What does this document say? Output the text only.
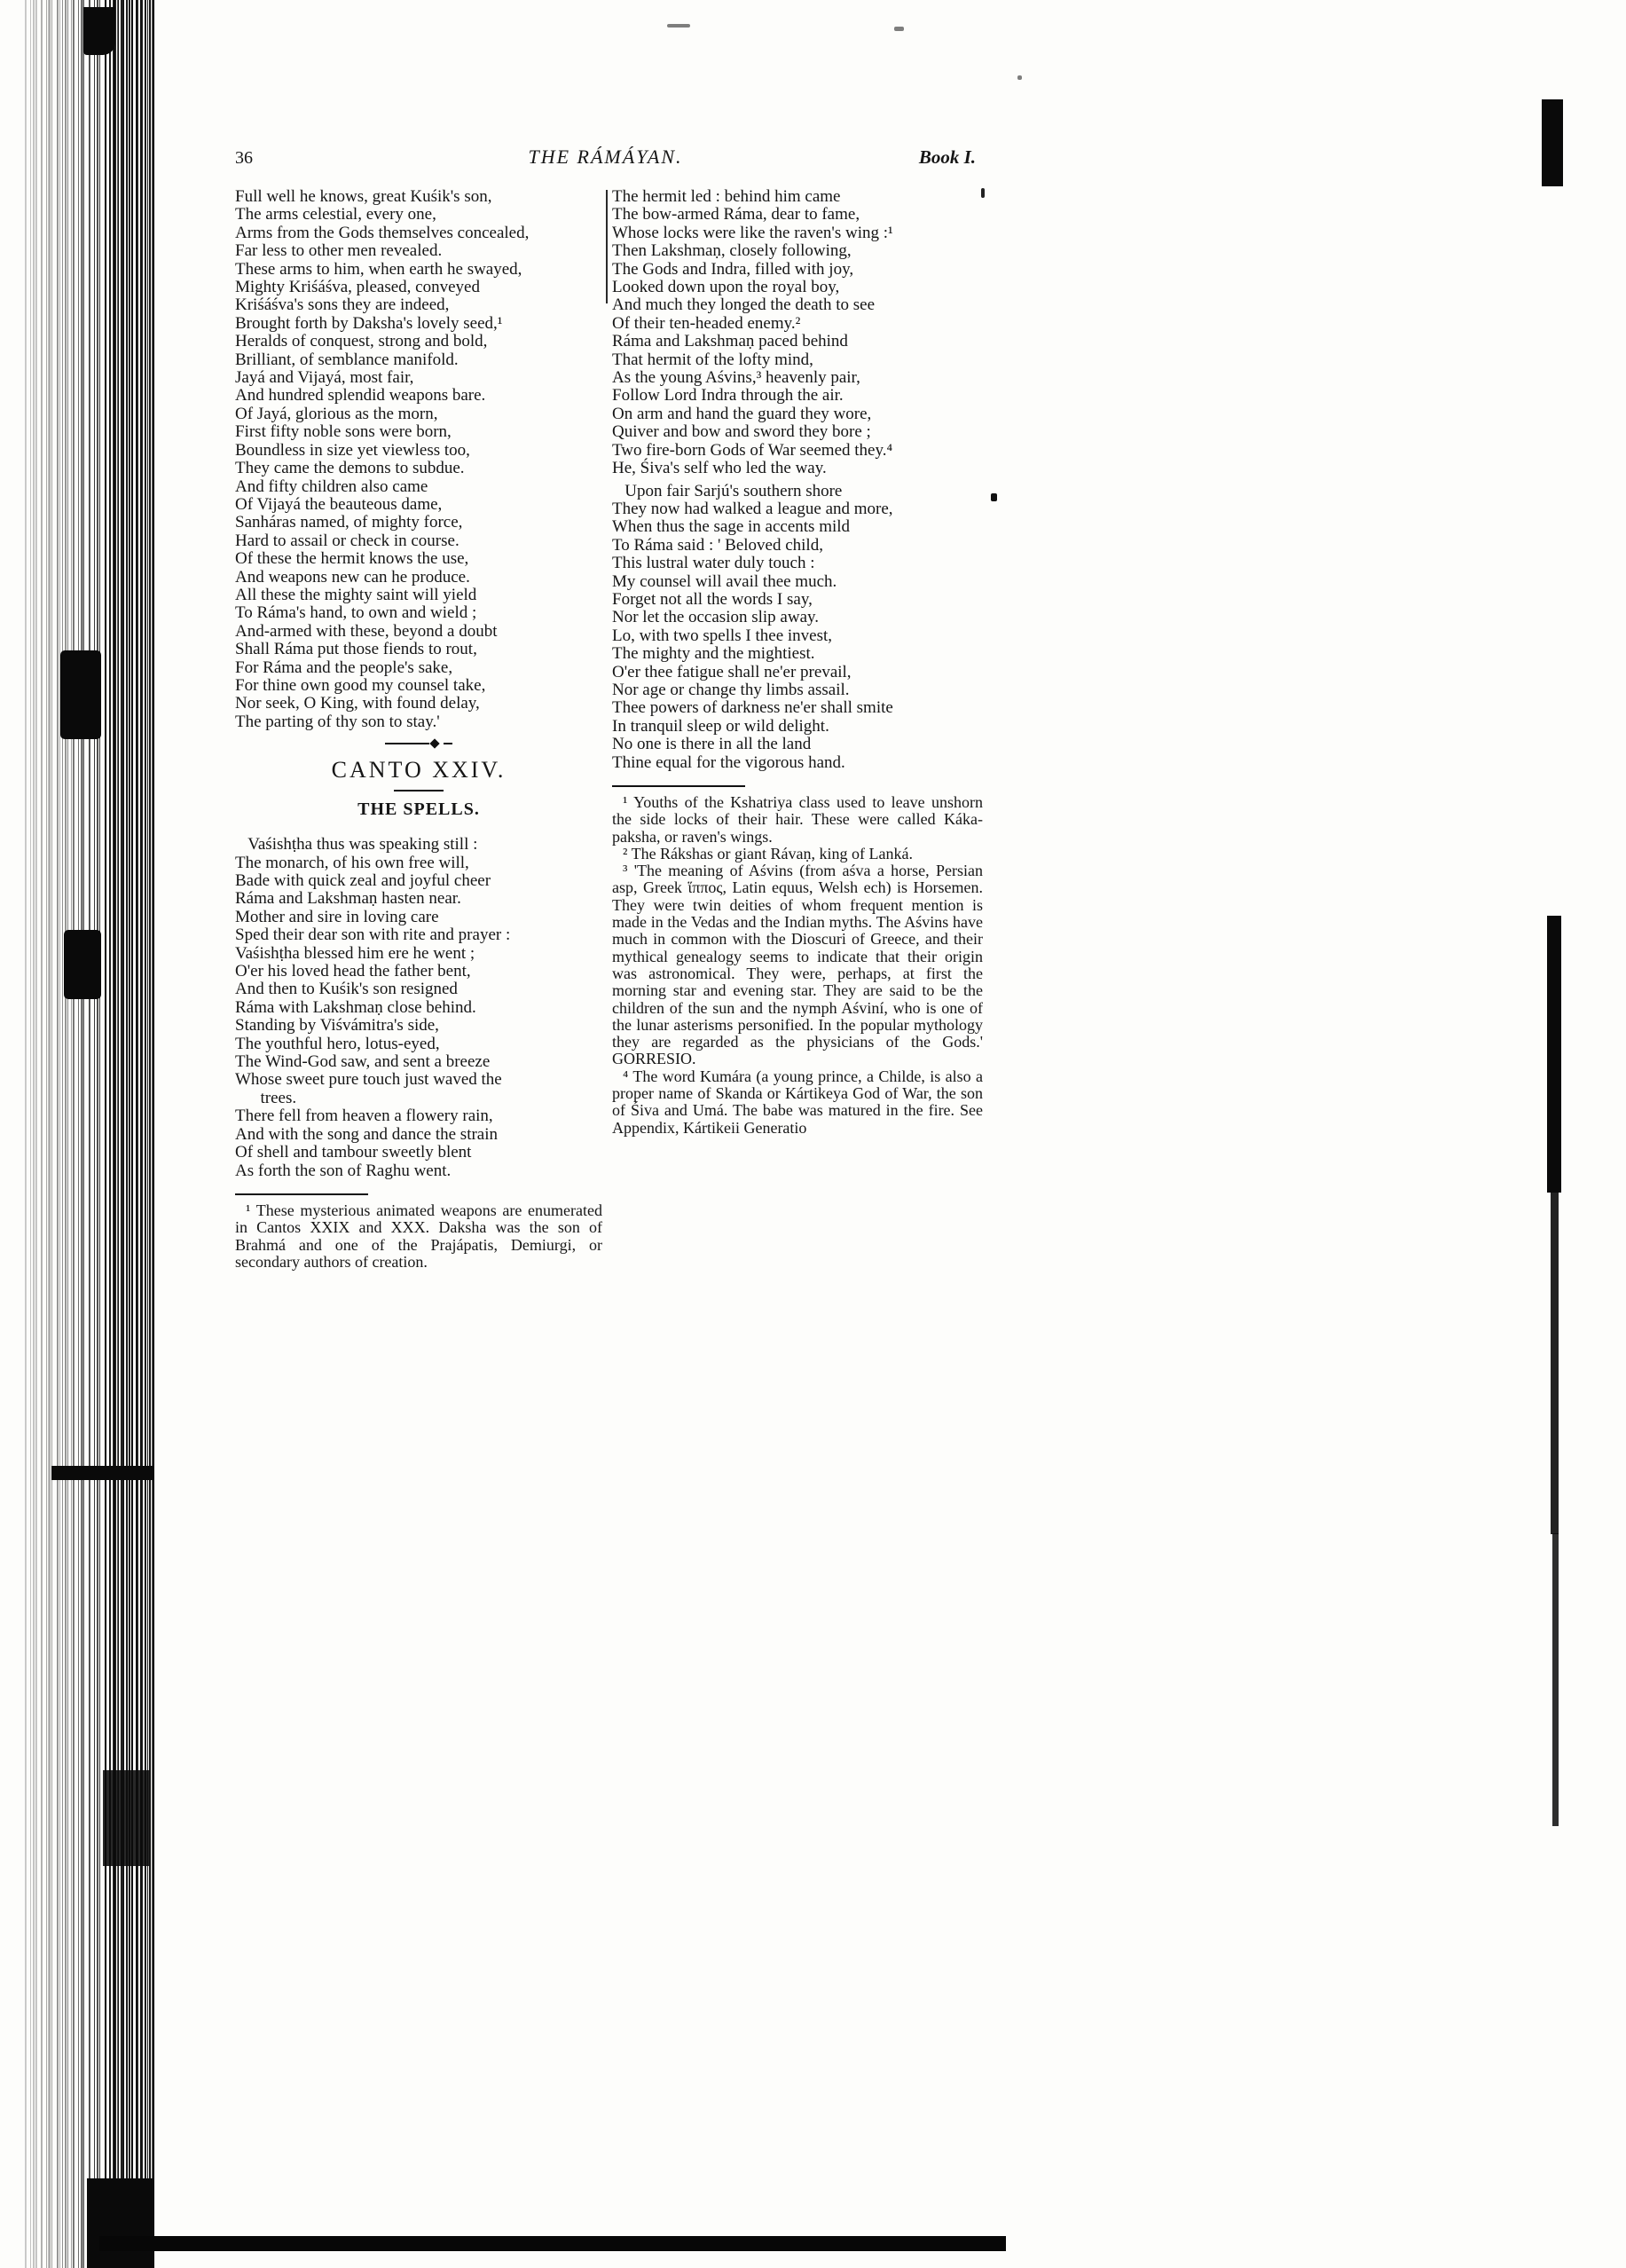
36	THE RÁMÁYAN.	Book I.
Full well he knows, great Kuśik's son,
The arms celestial, every one,
Arms from the Gods themselves concealed,
Far less to other men revealed.
These arms to him, when earth he swayed,
Mighty Kriśáśva, pleased, conveyed
Kriśáśva's sons they are indeed,
Brought forth by Daksha's lovely seed,¹
Heralds of conquest, strong and bold,
Brilliant, of semblance manifold.
Jayá and Vijayá, most fair,
And hundred splendid weapons bare.
Of Jayá, glorious as the morn,
First fifty noble sons were born,
Boundless in size yet viewless too,
They came the demons to subdue.
And fifty children also came
Of Vijayá the beauteous dame,
Sanháras named, of mighty force,
Hard to assail or check in course.
Of these the hermit knows the use,
And weapons new can he produce.
All these the mighty saint will yield
To Ráma's hand, to own and wield ;
And-armed with these, beyond a doubt
Shall Ráma put those fiends to rout,
For Ráma and the people's sake,
For thine own good my counsel take,
Nor seek, O King, with found delay,
The parting of thy son to stay.'
CANTO XXIV.
THE SPELLS.
Vaśishṭha thus was speaking still :
The monarch, of his own free will,
Bade with quick zeal and joyful cheer
Ráma and Lakshmaṇ hasten near.
Mother and sire in loving care
Sped their dear son with rite and prayer :
Vaśishṭha blessed him ere he went ;
O'er his loved head the father bent,
And then to Kuśik's son resigned
Ráma with Lakshmaṇ close behind.
Standing by Viśvámitra's side,
The youthful hero, lotus-eyed,
The Wind-God saw, and sent a breeze
Whose sweet pure touch just waved the
trees.
There fell from heaven a flowery rain,
And with the song and dance the strain
Of shell and tambour sweetly blent
As forth the son of Raghu went.
¹ These mysterious animated weapons are enumerated in Cantos XXIX and XXX. Daksha was the son of Brahmá and one of the Prajápatis, Demiurgi, or secondary authors of creation.
The hermit led : behind him came
The bow-armed Ráma, dear to fame,
Whose locks were like the raven's wing :¹
Then Lakshmaṇ, closely following,
The Gods and Indra, filled with joy,
Looked down upon the royal boy,
And much they longed the death to see
Of their ten-headed enemy.²
Ráma and Lakshmaṇ paced behind
That hermit of the lofty mind,
As the young Aśvins,³ heavenly pair,
Follow Lord Indra through the air.
On arm and hand the guard they wore,
Quiver and bow and sword they bore ;
Two fire-born Gods of War seemed they.⁴
He, Śiva's self who led the way.
Upon fair Sarjú's southern shore
They now had walked a league and more,
When thus the sage in accents mild
To Ráma said : ' Beloved child,
This lustral water duly touch :
My counsel will avail thee much.
Forget not all the words I say,
Nor let the occasion slip away.
Lo, with two spells I thee invest,
The mighty and the mightiest.
O'er thee fatigue shall ne'er prevail,
Nor age or change thy limbs assail.
Thee powers of darkness ne'er shall smite
In tranquil sleep or wild delight.
No one is there in all the land
Thine equal for the vigorous hand.
¹ Youths of the Kshatriya class used to leave unshorn the side locks of their hair. These were called Káka-paksha, or raven's wings.
² The Rákshas or giant Rávaṇ, king of Lanká.
³ 'The meaning of Aśvins (from aśva a horse, Persian asp, Greek ἵππος, Latin equus, Welsh ech) is Horsemen. They were twin deities of whom frequent mention is made in the Vedas and the Indian myths. The Aśvins have much in common with the Dioscuri of Greece, and their mythical genealogy seems to indicate that their origin was astronomical. They were, perhaps, at first the morning star and evening star. They are said to be the children of the sun and the nymph Aśviní, who is one of the lunar asterisms personified. In the popular mythology they are regarded as the physicians of the Gods.' GORRESIO.
⁴ The word Kumára (a young prince, a Childe, is also a proper name of Skanda or Kártikeya God of War, the son of Śiva and Umá. The babe was matured in the fire. See Appendix, Kártikeii Generatio
